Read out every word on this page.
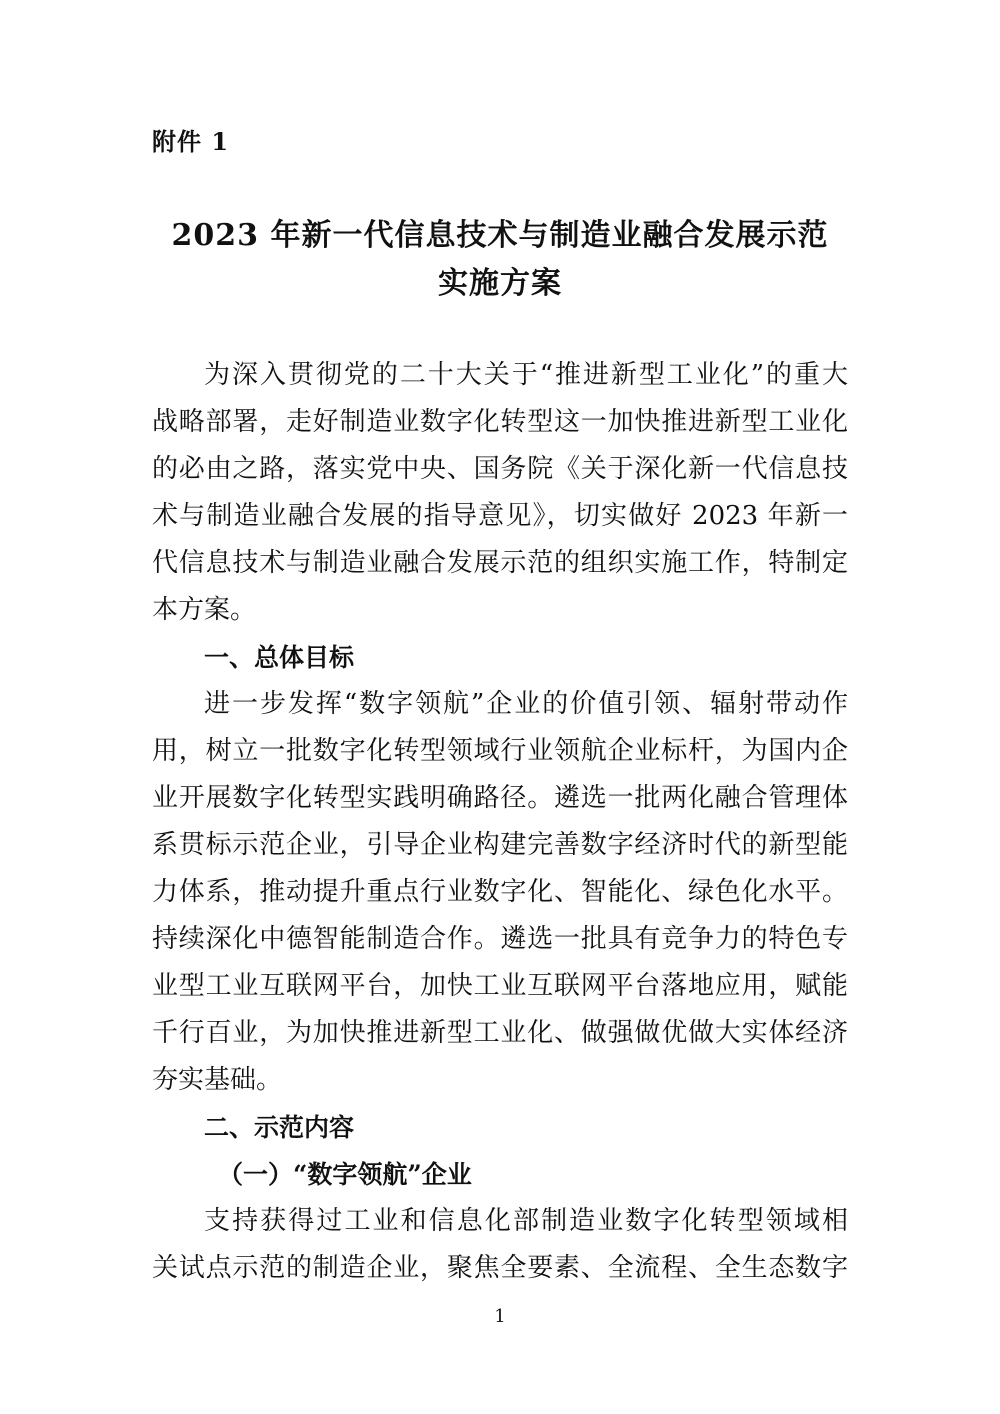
附件 1
2023 年新一代信息技术与制造业融合发展示范
实施方案
为深入贯彻党的二十大关于“推进新型工业化”的重大
战略部署，走好制造业数字化转型这一加快推进新型工业化
的必由之路，落实党中央、国务院《关于深化新一代信息技
术与制造业融合发展的指导意见》，切实做好 2023 年新一
代信息技术与制造业融合发展示范的组织实施工作，特制定
本方案。
一、总体目标
进一步发挥“数字领航”企业的价值引领、辐射带动作
用，树立一批数字化转型领域行业领航企业标杆，为国内企
业开展数字化转型实践明确路径。遴选一批两化融合管理体
系贯标示范企业，引导企业构建完善数字经济时代的新型能
力体系，推动提升重点行业数字化、智能化、绿色化水平。
持续深化中德智能制造合作。遴选一批具有竞争力的特色专
业型工业互联网平台，加快工业互联网平台落地应用，赋能
千行百业，为加快推进新型工业化、做强做优做大实体经济
夯实基础。
二、示范内容
（一）“数字领航”企业
支持获得过工业和信息化部制造业数字化转型领域相
关试点示范的制造企业，聚焦全要素、全流程、全生态数字
1
